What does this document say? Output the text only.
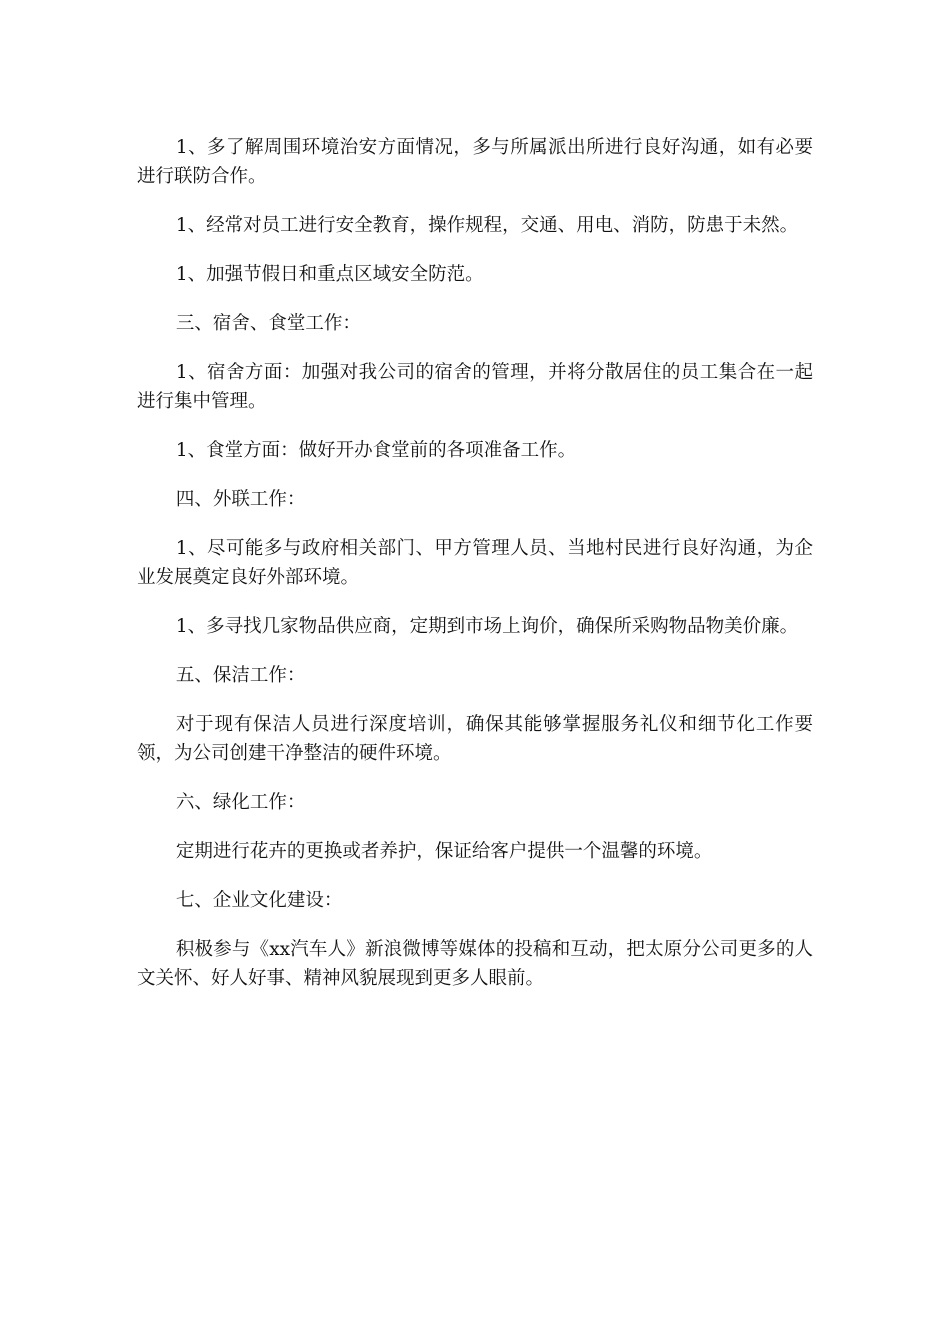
1、多了解周围环境治安方面情况，多与所属派出所进行良好沟通，如有必要进行联防合作。

1、经常对员工进行安全教育，操作规程，交通、用电、消防，防患于未然。

1、加强节假日和重点区域安全防范。

三、宿舍、食堂工作：

1、宿舍方面：加强对我公司的宿舍的管理，并将分散居住的员工集合在一起进行集中管理。

1、食堂方面：做好开办食堂前的各项准备工作。

四、外联工作：

1、尽可能多与政府相关部门、甲方管理人员、当地村民进行良好沟通，为企业发展奠定良好外部环境。

1、多寻找几家物品供应商，定期到市场上询价，确保所采购物品物美价廉。

五、保洁工作：

对于现有保洁人员进行深度培训，确保其能够掌握服务礼仪和细节化工作要领，为公司创建干净整洁的硬件环境。

六、绿化工作：

定期进行花卉的更换或者养护，保证给客户提供一个温馨的环境。

七、企业文化建设：

积极参与《xx汽车人》新浪微博等媒体的投稿和互动，把太原分公司更多的人文关怀、好人好事、精神风貌展现到更多人眼前。
